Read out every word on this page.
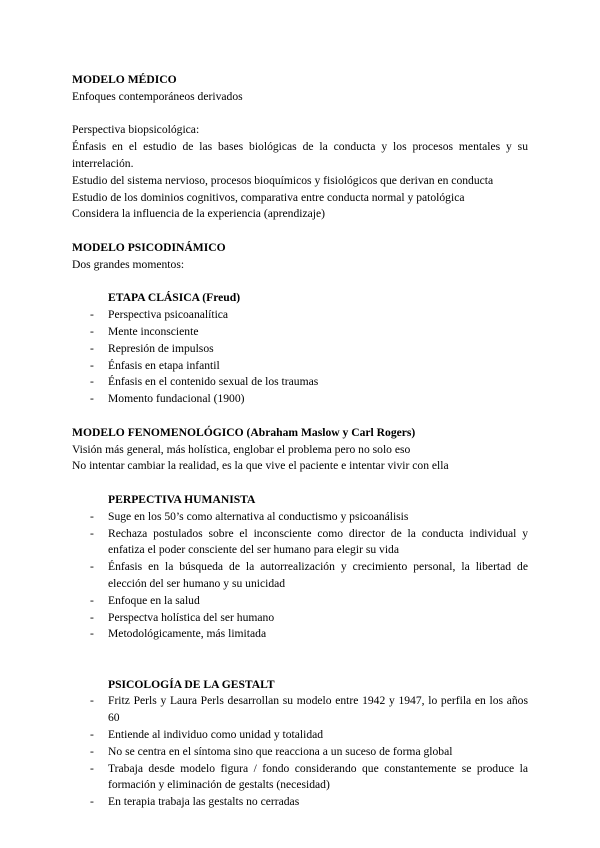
MODELO MÉDICO
Enfoques contemporáneos derivados
Perspectiva biopsicológica:
Énfasis en el estudio de las bases biológicas de la conducta y los procesos mentales y su interrelación.
Estudio del sistema nervioso, procesos bioquímicos y fisiológicos que derivan en conducta
Estudio de los dominios cognitivos, comparativa entre conducta normal y patológica
Considera la influencia de la experiencia (aprendizaje)
MODELO PSICODINÁMICO
Dos grandes momentos:
ETAPA CLÁSICA (Freud)
- Perspectiva psicoanalítica
- Mente inconsciente
- Represión de impulsos
- Énfasis en etapa infantil
- Énfasis en el contenido sexual de los traumas
- Momento fundacional (1900)
MODELO FENOMENOLÓGICO (Abraham Maslow y Carl Rogers)
Visión más general, más holística, englobar el problema pero no solo eso
No intentar cambiar la realidad, es la que vive el paciente e intentar vivir con ella
PERPECTIVA HUMANISTA
- Suge en los 50’s como alternativa al conductismo y psicoanálisis
- Rechaza postulados sobre el inconsciente como director de la conducta individual y enfatiza el poder consciente del ser humano para elegir su vida
- Énfasis en la búsqueda de la autorrealización y crecimiento personal, la libertad de elección del ser humano y su unicidad
- Enfoque en la salud
- Perspectva holística del ser humano
- Metodológicamente, más limitada
PSICOLOGÍA DE LA GESTALT
- Fritz Perls y Laura Perls desarrollan su modelo entre 1942 y 1947, lo perfila en los años 60
- Entiende al individuo como unidad y totalidad
- No se centra en el síntoma sino que reacciona a un suceso de forma global
- Trabaja desde modelo figura / fondo considerando que constantemente se produce la formación y eliminación de gestalts (necesidad)
- En terapia trabaja las gestalts no cerradas
